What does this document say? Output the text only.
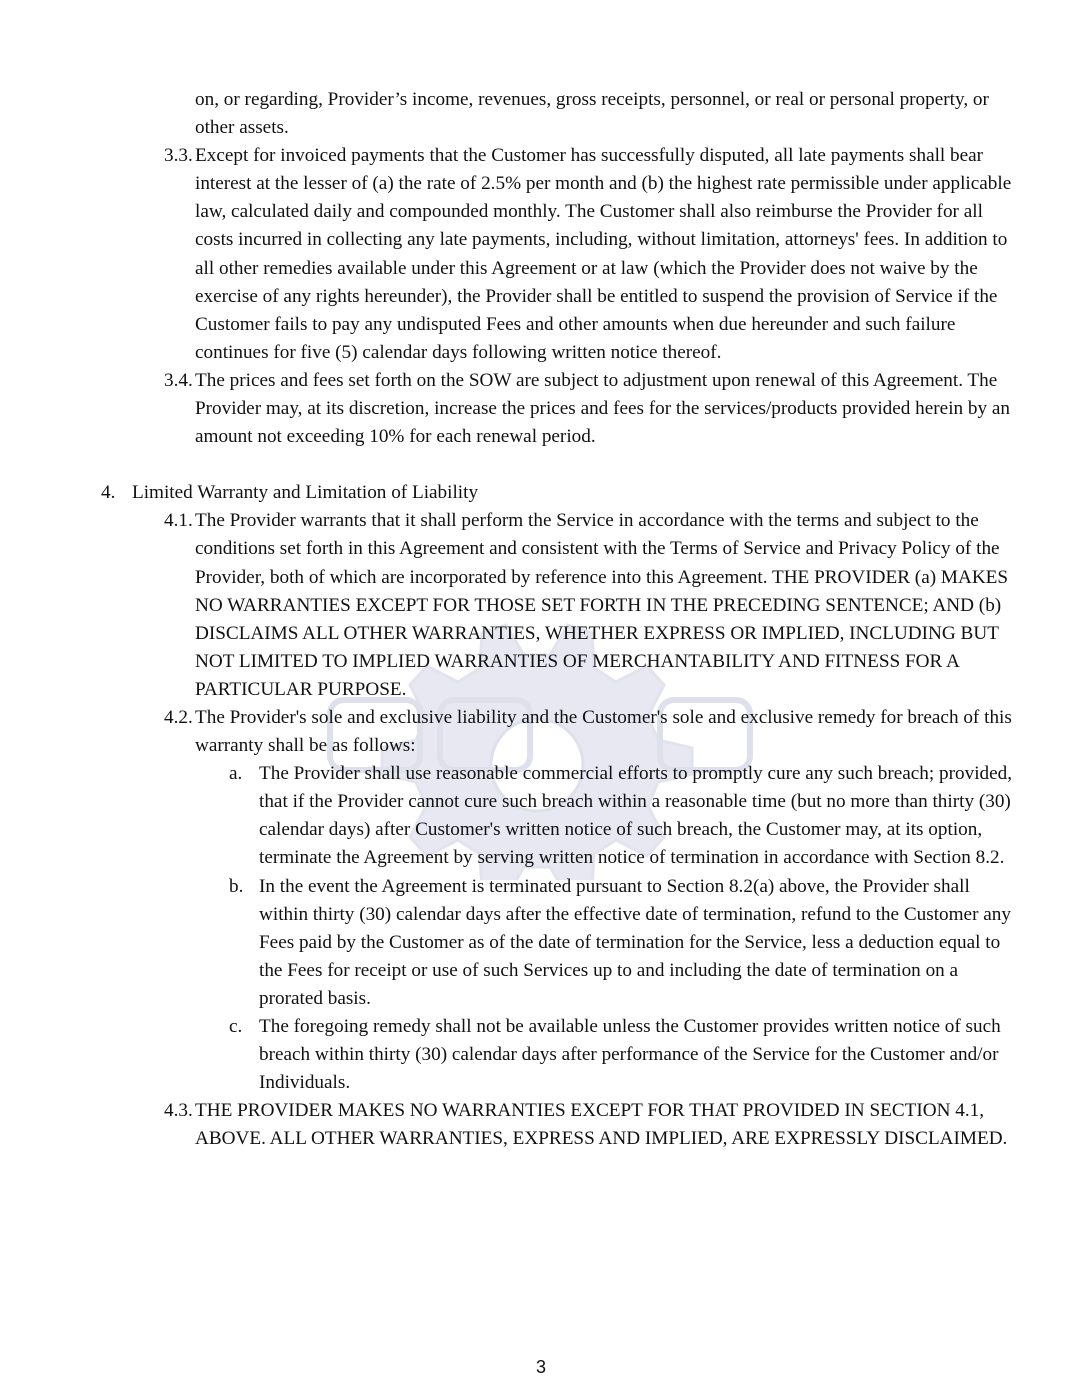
on, or regarding, Provider’s income, revenues, gross receipts, personnel, or real or personal property, or other assets.
3.3. Except for invoiced payments that the Customer has successfully disputed, all late payments shall bear interest at the lesser of (a) the rate of 2.5% per month and (b) the highest rate permissible under applicable law, calculated daily and compounded monthly. The Customer shall also reimburse the Provider for all costs incurred in collecting any late payments, including, without limitation, attorneys' fees. In addition to all other remedies available under this Agreement or at law (which the Provider does not waive by the exercise of any rights hereunder), the Provider shall be entitled to suspend the provision of Service if the Customer fails to pay any undisputed Fees and other amounts when due hereunder and such failure continues for five (5) calendar days following written notice thereof.
3.4. The prices and fees set forth on the SOW are subject to adjustment upon renewal of this Agreement. The Provider may, at its discretion, increase the prices and fees for the services/products provided herein by an amount not exceeding 10% for each renewal period.
4. Limited Warranty and Limitation of Liability
4.1. The Provider warrants that it shall perform the Service in accordance with the terms and subject to the conditions set forth in this Agreement and consistent with the Terms of Service and Privacy Policy of the Provider, both of which are incorporated by reference into this Agreement. THE PROVIDER (a) MAKES NO WARRANTIES EXCEPT FOR THOSE SET FORTH IN THE PRECEDING SENTENCE; AND (b) DISCLAIMS ALL OTHER WARRANTIES, WHETHER EXPRESS OR IMPLIED, INCLUDING BUT NOT LIMITED TO IMPLIED WARRANTIES OF MERCHANTABILITY AND FITNESS FOR A PARTICULAR PURPOSE.
4.2. The Provider's sole and exclusive liability and the Customer's sole and exclusive remedy for breach of this warranty shall be as follows:
a. The Provider shall use reasonable commercial efforts to promptly cure any such breach; provided, that if the Provider cannot cure such breach within a reasonable time (but no more than thirty (30) calendar days) after Customer's written notice of such breach, the Customer may, at its option, terminate the Agreement by serving written notice of termination in accordance with Section 8.2.
b. In the event the Agreement is terminated pursuant to Section 8.2(a) above, the Provider shall within thirty (30) calendar days after the effective date of termination, refund to the Customer any Fees paid by the Customer as of the date of termination for the Service, less a deduction equal to the Fees for receipt or use of such Services up to and including the date of termination on a prorated basis.
c. The foregoing remedy shall not be available unless the Customer provides written notice of such breach within thirty (30) calendar days after performance of the Service for the Customer and/or Individuals.
4.3. THE PROVIDER MAKES NO WARRANTIES EXCEPT FOR THAT PROVIDED IN SECTION 4.1, ABOVE. ALL OTHER WARRANTIES, EXPRESS AND IMPLIED, ARE EXPRESSLY DISCLAIMED.
3
